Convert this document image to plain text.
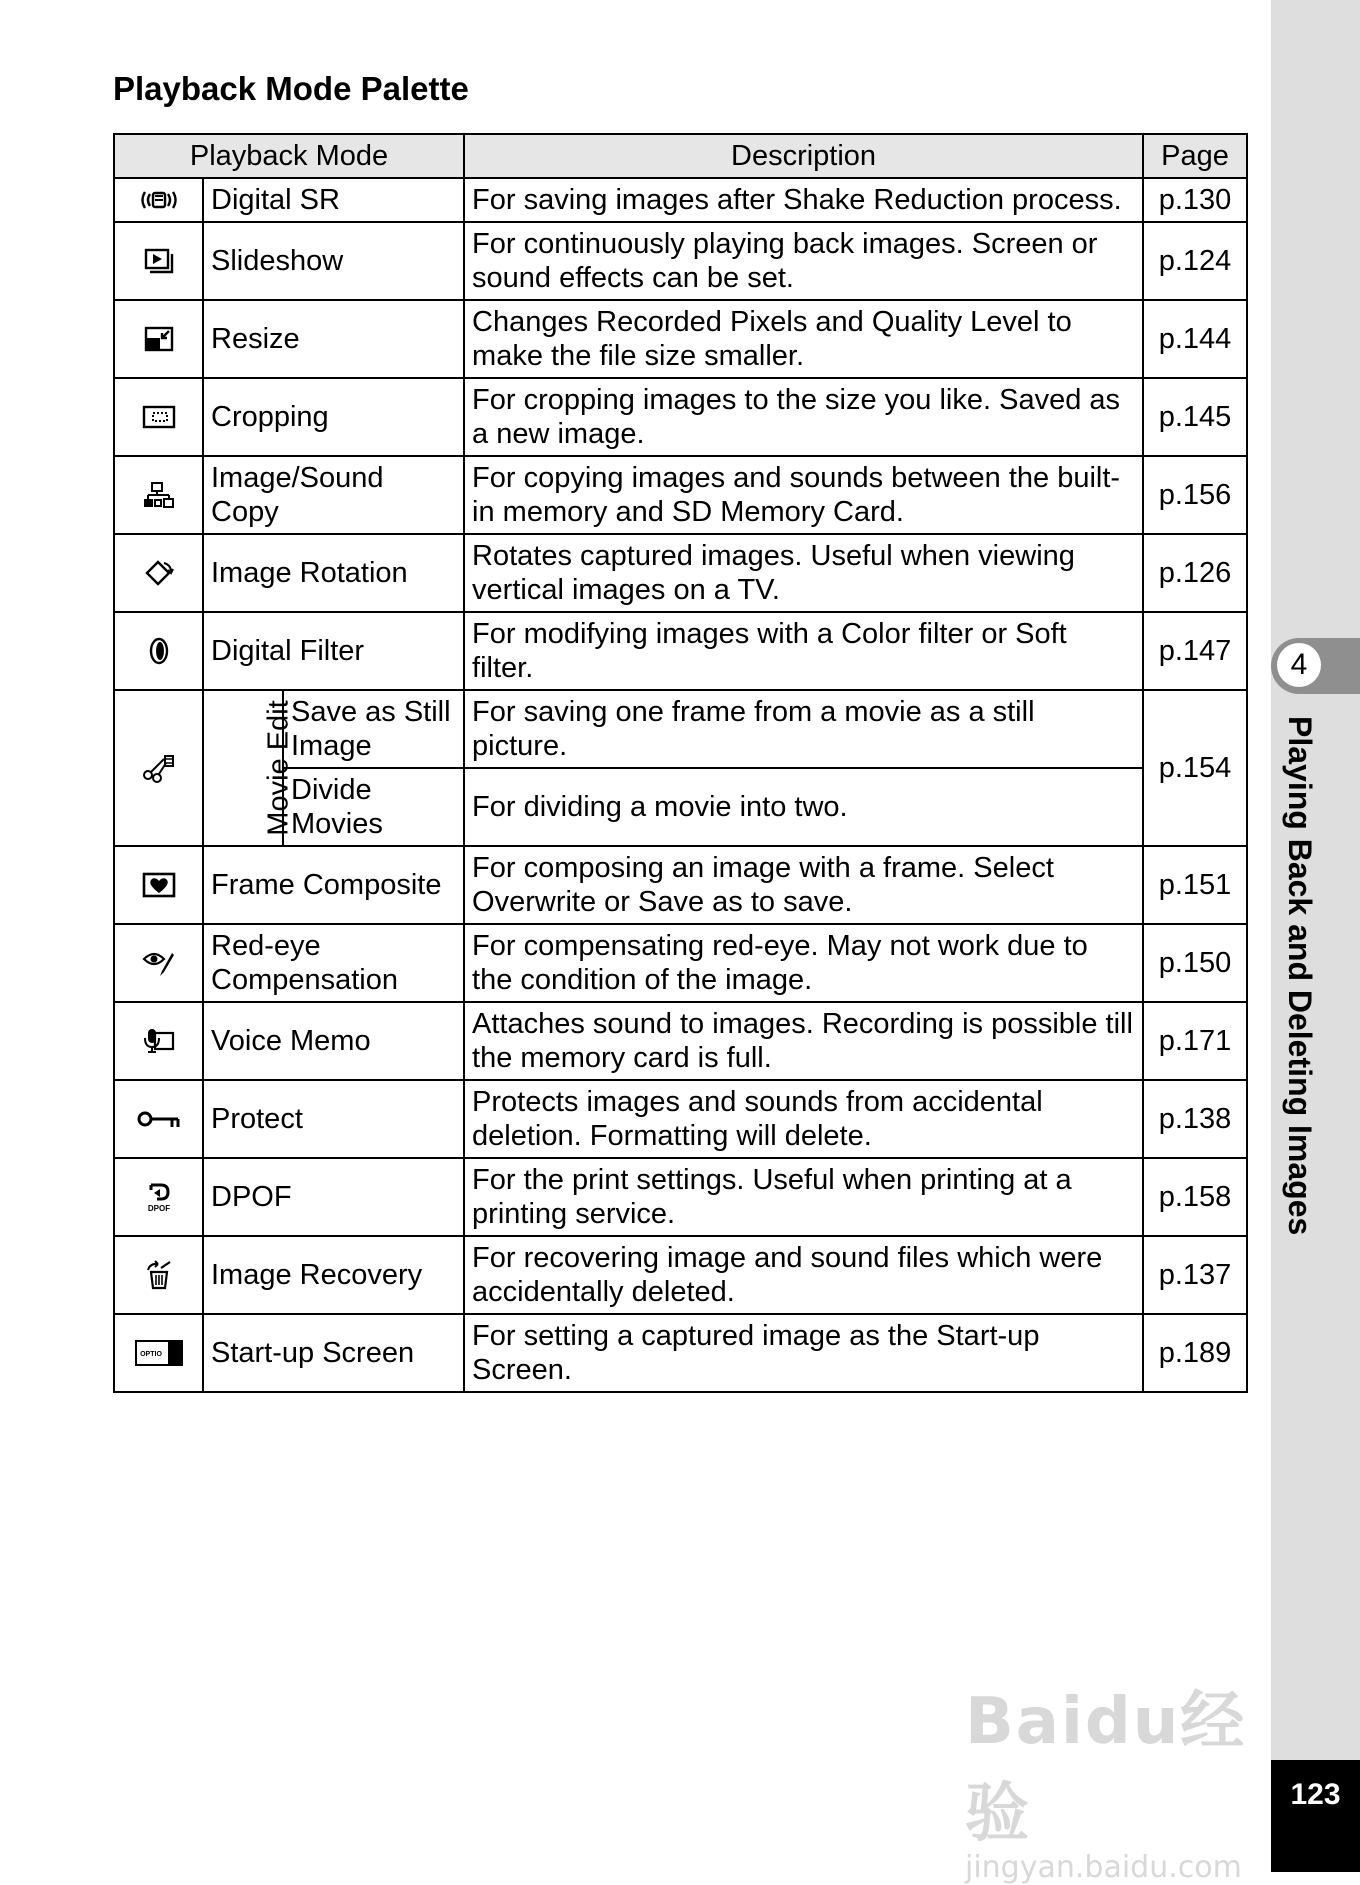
Playback Mode Palette
Playback Mode			Description	Page

	Digital SR		For saving images after Shake Reduction process.	p.130

	Slideshow		For continuously playing back images. Screen or sound effects can be set.	p.124

	Resize		Changes Recorded Pixels and Quality Level to make the file size smaller.	p.144

	Cropping		For cropping images to the size you like. Saved as a new image.	p.145

	Image/Sound Copy		For copying images and sounds between the built-in memory and SD Memory Card.	p.156

	Image Rotation		Rotates captured images. Useful when viewing vertical images on a TV.	p.126

	Digital Filter		For modifying images with a Color filter or Soft filter.	p.147

	Movie Edit	Save as Still Image	For saving one frame from a movie as a still picture.	p.154
		Divide Movies	For dividing a movie into two.	

	Frame Composite		For composing an image with a frame. Select Overwrite or Save as to save.	p.151

	Red-eye Compensation		For compensating red-eye. May not work due to the condition of the image.	p.150

	Voice Memo		Attaches sound to images. Recording is possible till the memory card is full.	p.171

	Protect		Protects images and sounds from accidental deletion. Formatting will delete.	p.138

DPOF	DPOF		For the print settings. Useful when printing at a printing service.	p.158

	Image Recovery		For recovering image and sound files which were accidentally deleted.	p.137

OPTIO	Start-up Screen		For setting a captured image as the Start-up Screen.	p.189
4
Playing Back and Deleting Images
Baidu经验
jingyan.baidu.com
123
